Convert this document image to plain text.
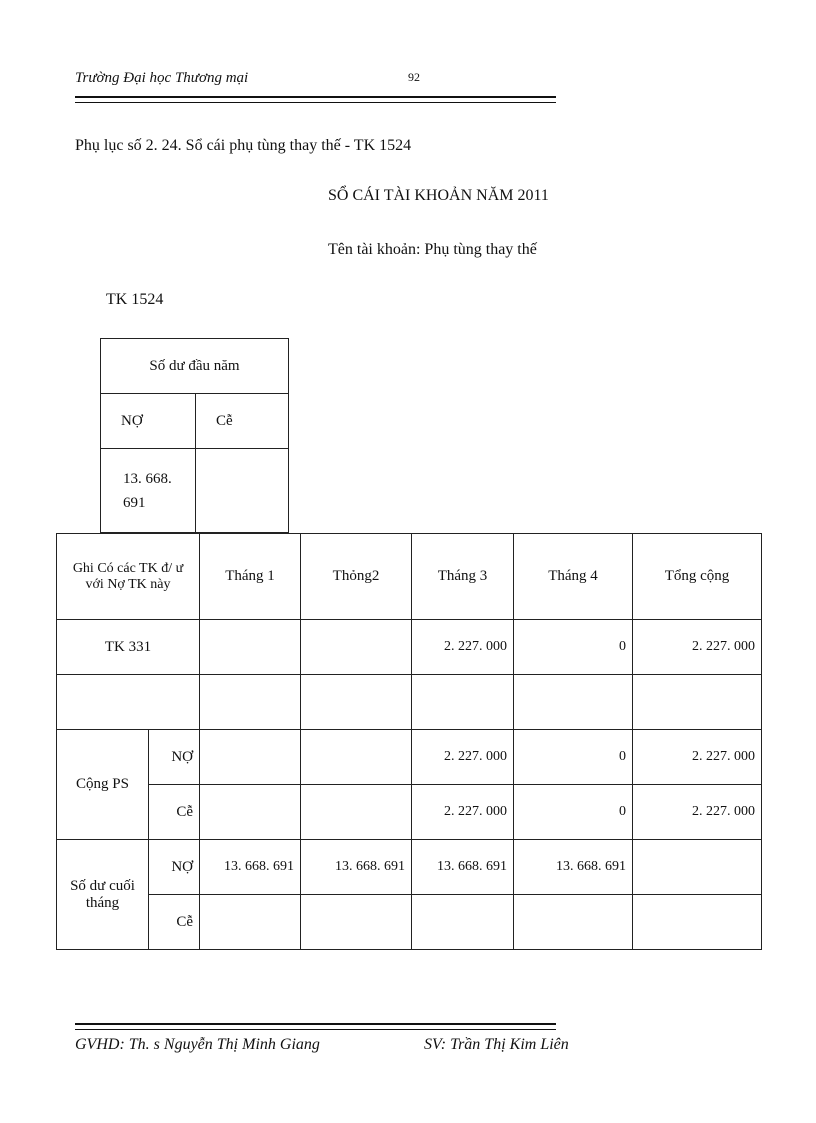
Trường Đại học Thương mại	92
Phụ lục số 2. 24. Sổ cái phụ tùng thay thế - TK 1524
SỔ CÁI TÀI KHOẢN NĂM 2011
Tên tài khoản: Phụ tùng thay thế
TK 1524
Số dư đầu năm	
NỢ	Cễ

13. 668.
691	

Ghi Có các TK đ/ ư
với Nợ TK này		Tháng 1	Thỏng2	Tháng 3	Tháng 4	Tổng cộng
TK 331				2. 227. 000	0	2. 227. 000

Cộng PS	NỢ			2. 227. 000	0	2. 227. 000
	Cễ			2. 227. 000	0	2. 227. 000

Số dư cuối
tháng	NỢ	13. 668. 691	13. 668. 691	13. 668. 691	13. 668. 691	
	Cễ					
GVHD: Th. s Nguyễn Thị Minh Giang	SV: Trần Thị Kim Liên
